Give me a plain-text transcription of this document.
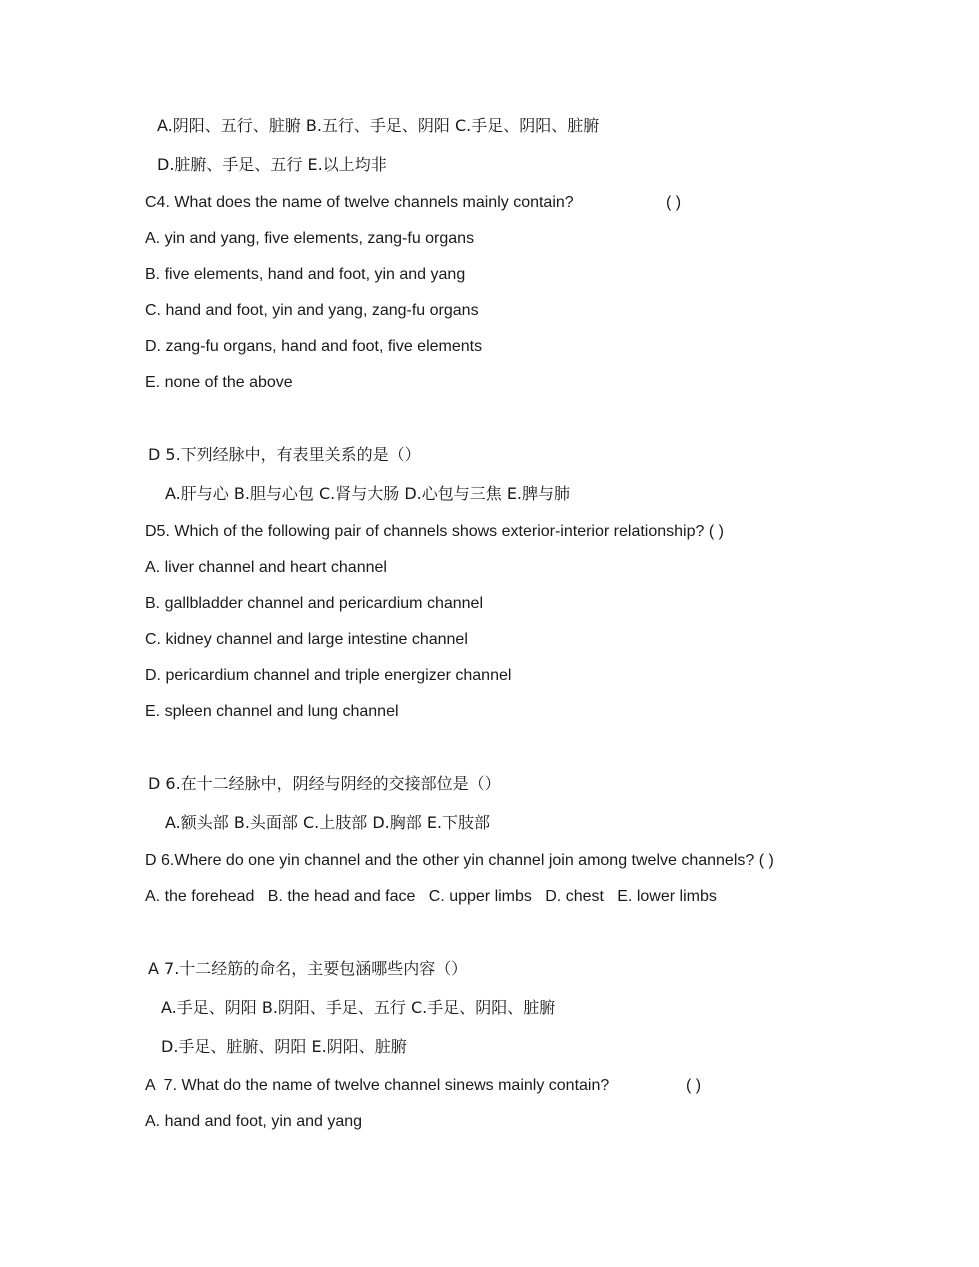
A.阴阳、五行、脏腑 B.五行、手足、阴阳 C.手足、阴阳、脏腑
D.脏腑、手足、五行 E.以上均非
C4. What does the name of twelve channels mainly contain?	( )
A. yin and yang, five elements, zang-fu organs
B. five elements, hand and foot, yin and yang
C. hand and foot, yin and yang, zang-fu organs
D. zang-fu organs, hand and foot, five elements
E. none of the above
D 5.下列经脉中，有表里关系的是（）
A.肝与心 B.胆与心包 C.肾与大肠 D.心包与三焦 E.脾与肺
D5. Which of the following pair of channels shows exterior-interior relationship? ( )
A. liver channel and heart channel
B. gallbladder channel and pericardium channel
C. kidney channel and large intestine channel
D. pericardium channel and triple energizer channel
E. spleen channel and lung channel
D 6.在十二经脉中，阴经与阴经的交接部位是（）
A.额头部 B.头面部 C.上肢部 D.胸部 E.下肢部
D 6.Where do one yin channel and the other yin channel join among twelve channels? ( )
A. the forehead   B. the head and face   C. upper limbs   D. chest   E. lower limbs
A 7.十二经筋的命名，主要包涵哪些内容（）
A.手足、阴阳 B.阴阳、手足、五行 C.手足、阴阳、脏腑
D.手足、脏腑、阴阳 E.阴阳、脏腑
A  7. What do the name of twelve channel sinews mainly contain?	( )
A. hand and foot, yin and yang
